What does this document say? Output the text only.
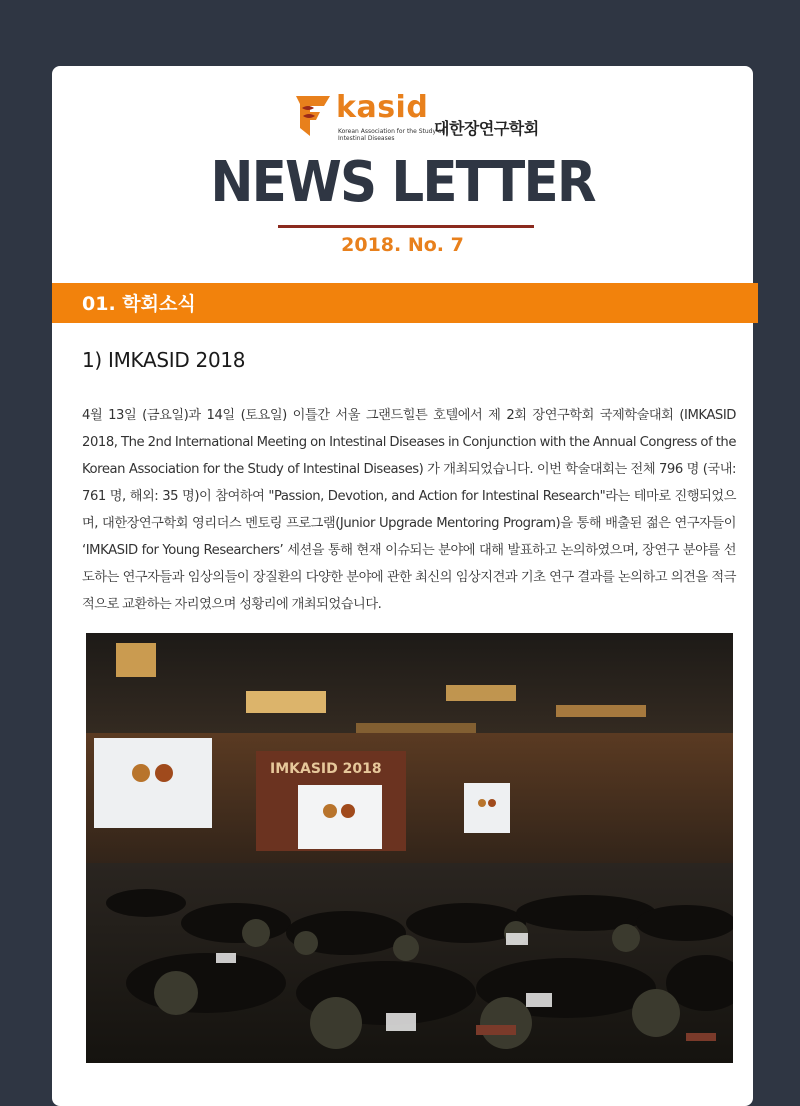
kasid
Korean Association for the Study of Intestinal Diseases
대한장연구학회
NEWS LETTER
2018. No. 7
01. 학회소식
1) IMKASID 2018
4월 13일 (금요일)과 14일 (토요일) 이틀간 서울 그랜드힐튼 호텔에서 제 2회 장연구학회 국제학술대회 (IMKASID 2018, The 2nd International Meeting on Intestinal Diseases in Conjunction with the Annual Congress of the Korean Association for the Study of Intestinal Diseases) 가 개최되었습니다. 이번 학술대회는 전체 796 명 (국내: 761 명, 해외: 35 명)이 참여하여 "Passion, Devotion, and Action for Intestinal Research"라는 테마로 진행되었으며, 대한장연구학회 영리더스 멘토링 프로그램(Junior Upgrade Mentoring Program)을 통해 배출된 젊은 연구자들이 ‘IMKASID for Young Researchers’ 세션을 통해 현재 이슈되는 분야에 대해 발표하고 논의하였으며, 장연구 분야를 선도하는 연구자들과 임상의들이 장질환의 다양한 분야에 관한 최신의 임상지견과 기초 연구 결과를 논의하고 의견을 적극적으로 교환하는 자리였으며 성황리에 개최되었습니다.
IMKASID 2018
